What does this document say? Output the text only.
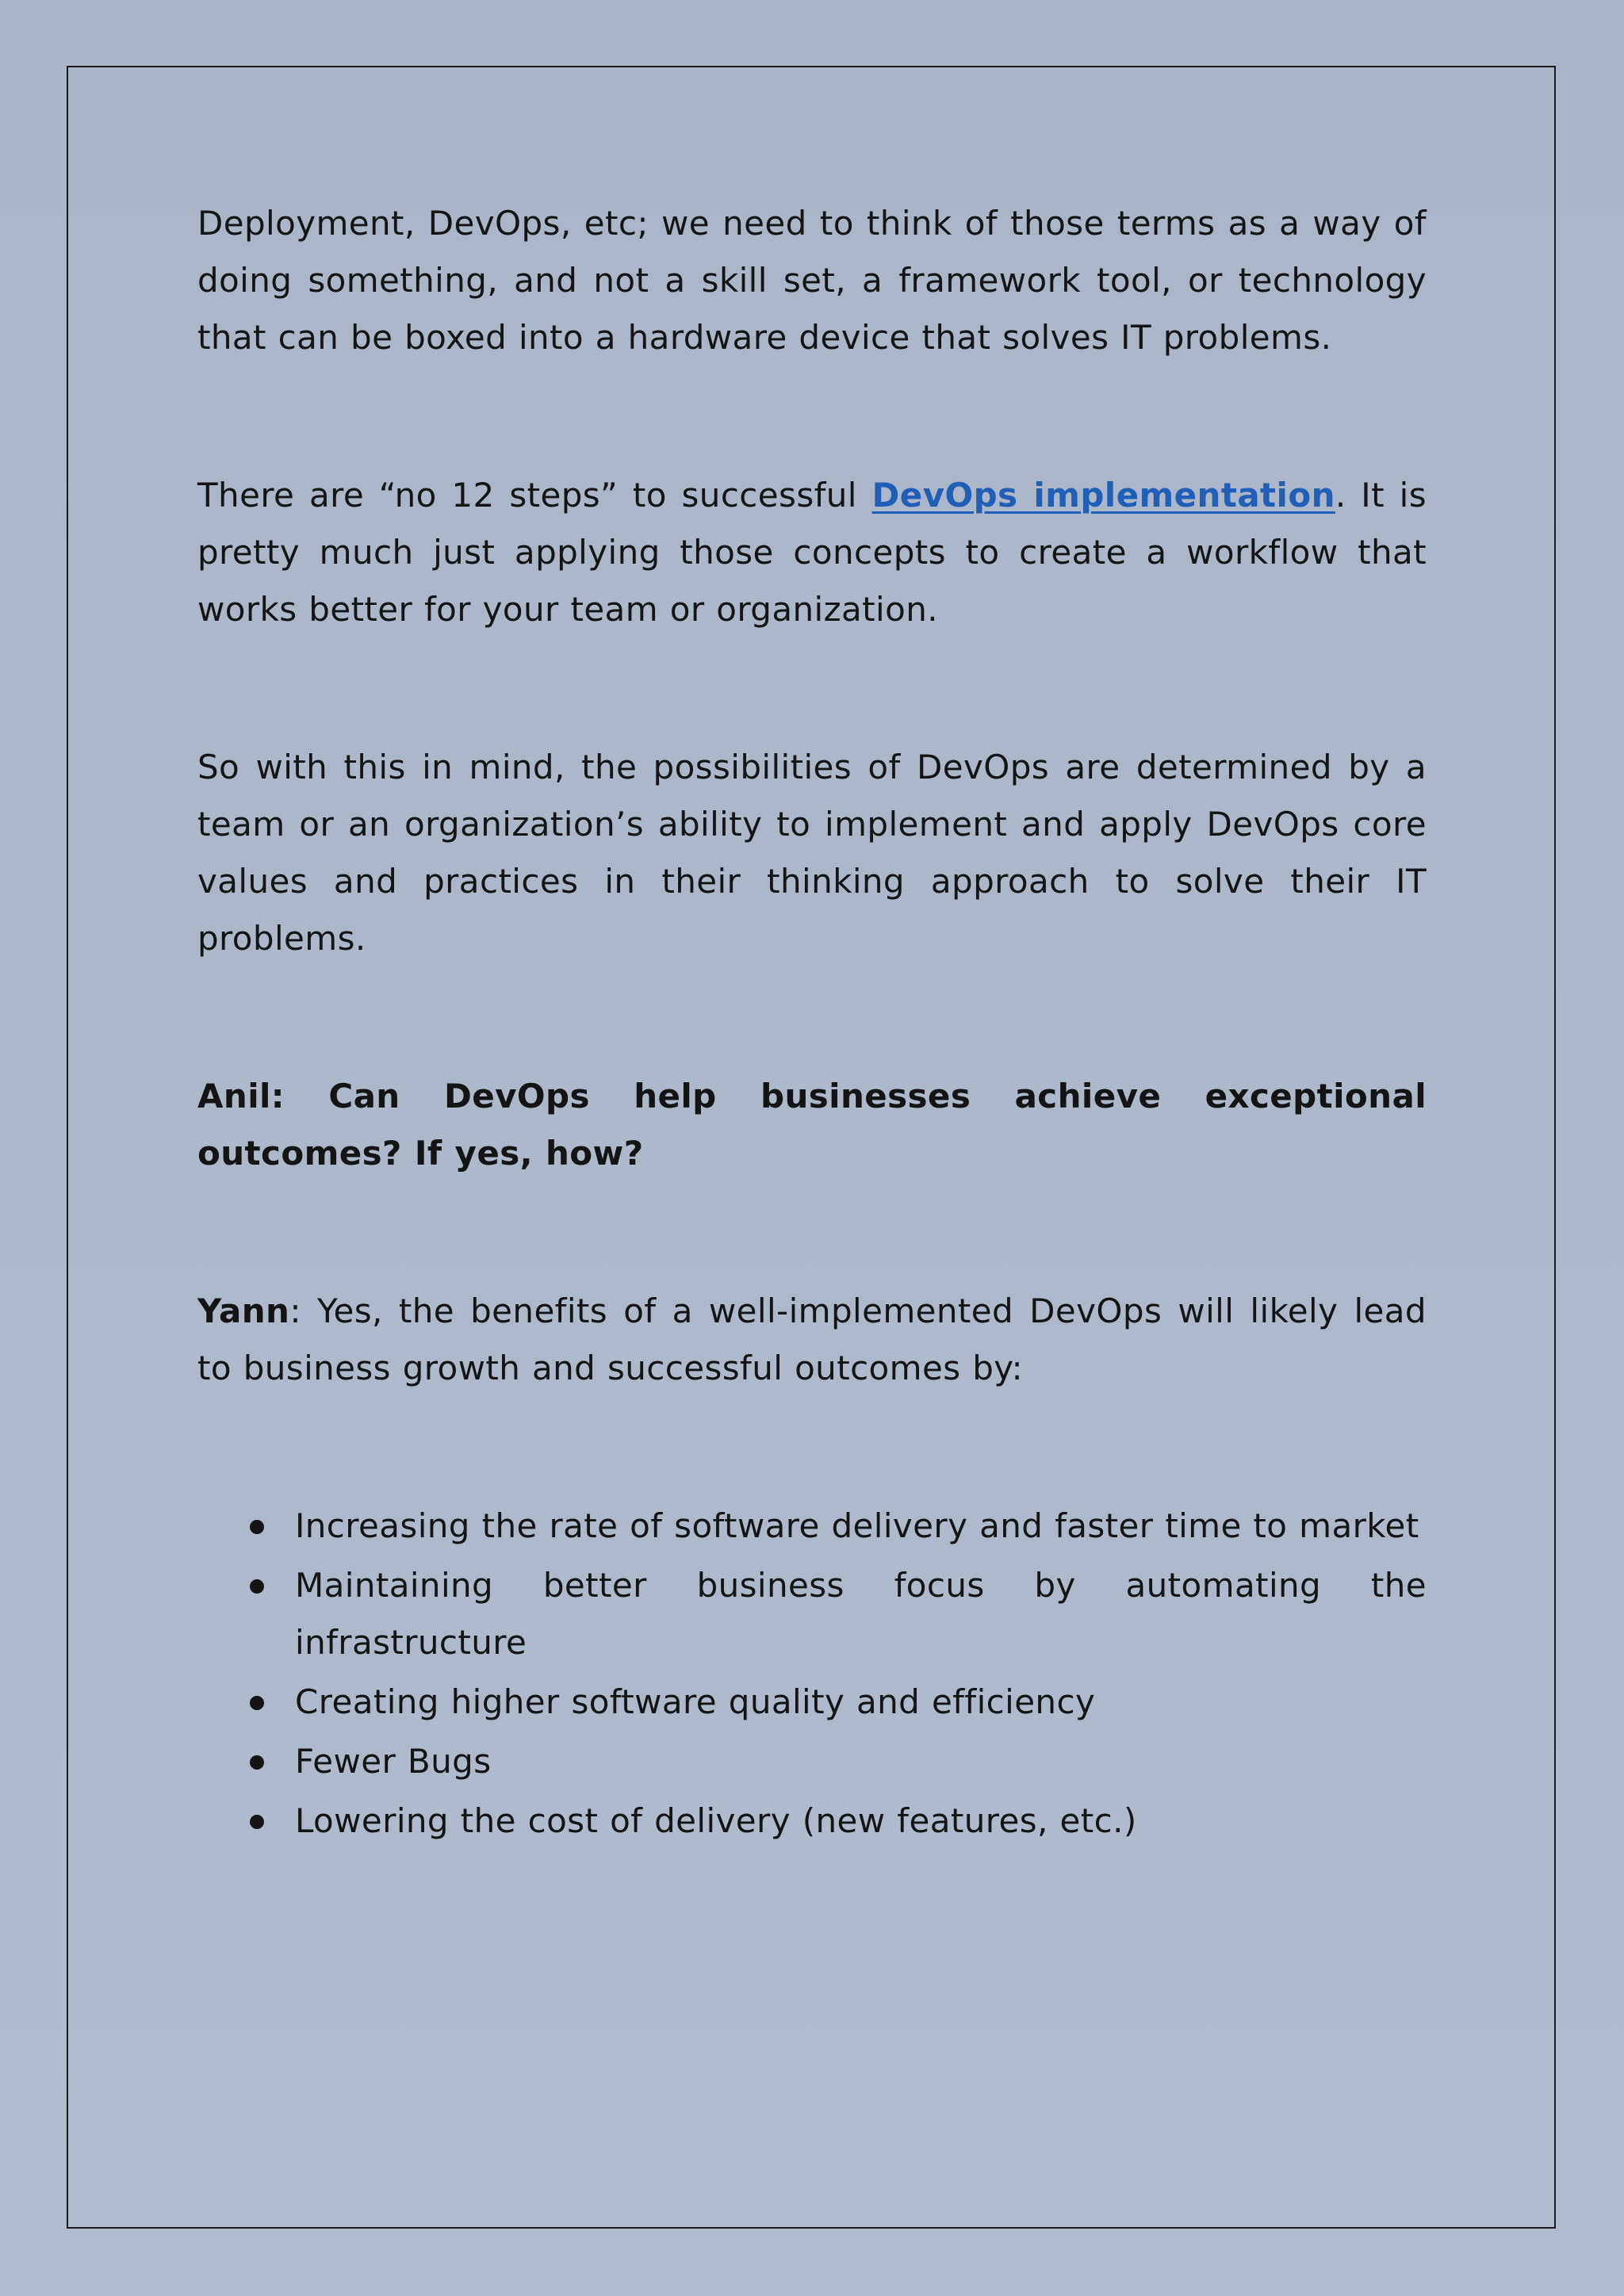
Deployment, DevOps, etc; we need to think of those terms as a way of doing something, and not a skill set, a framework tool, or technology that can be boxed into a hardware device that solves IT problems.

There are “no 12 steps” to successful DevOps implementation. It is pretty much just applying those concepts to create a workflow that works better for your team or organization.

So with this in mind, the possibilities of DevOps are determined by a team or an organization’s ability to implement and apply DevOps core values and practices in their thinking approach to solve their IT problems.

Anil: Can DevOps help businesses achieve exceptional outcomes? If yes, how?

Yann: Yes, the benefits of a well-implemented DevOps will likely lead to business growth and successful outcomes by:

Increasing the rate of software delivery and faster time to market
Maintaining better business focus by automating the infrastructure
Creating higher software quality and efficiency
Fewer Bugs
Lowering the cost of delivery (new features, etc.)
